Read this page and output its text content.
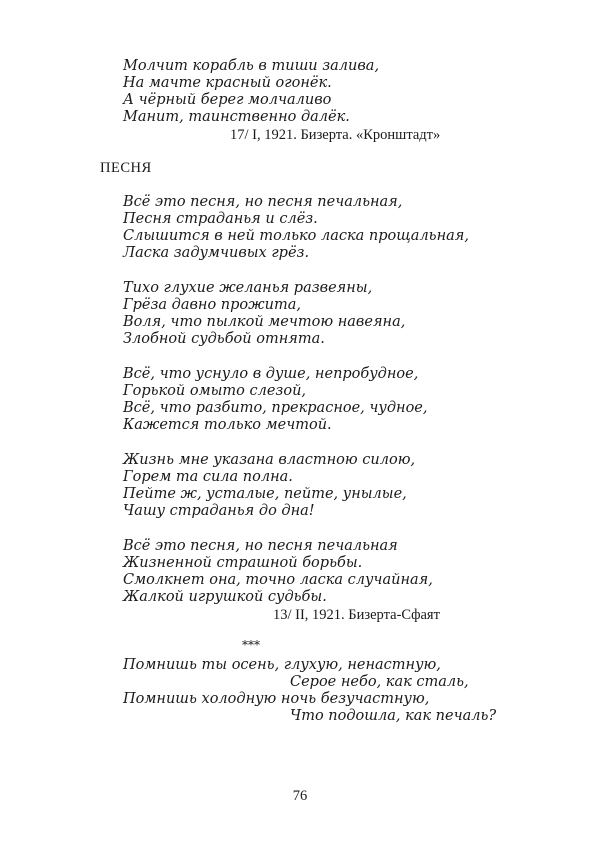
Молчит корабль в тиши залива,
На мачте красный огонёк.
А чёрный берег молчаливо
Манит, таинственно далёк.
17/ I, 1921. Бизерта. «Кронштадт»
ПЕСНЯ
Всё это песня, но песня печальная,
Песня страданья и слёз.
Слышится в ней только ласка прощальная,
Ласка задумчивых грёз.
Тихо глухие желанья развеяны,
Грёза давно прожита,
Воля, что пылкой мечтою навеяна,
Злобной судьбой отнята.
Всё, что уснуло в душе, непробудное,
Горькой омыто слезой,
Всё, что разбито, прекрасное, чудное,
Кажется только мечтой.
Жизнь мне указана властною силою,
Горем та сила полна.
Пейте ж, усталые, пейте, унылые,
Чашу страданья до дна!
Всё это песня, но песня печальная
Жизненной страшной борьбы.
Смолкнет она, точно ласка случайная,
Жалкой игрушкой судьбы.
13/ II, 1921. Бизерта-Сфаят
***
Помнишь ты осень, глухую, ненастную,
Серое небо, как сталь,
Помнишь холодную ночь безучастную,
Что подошла, как печаль?
76
